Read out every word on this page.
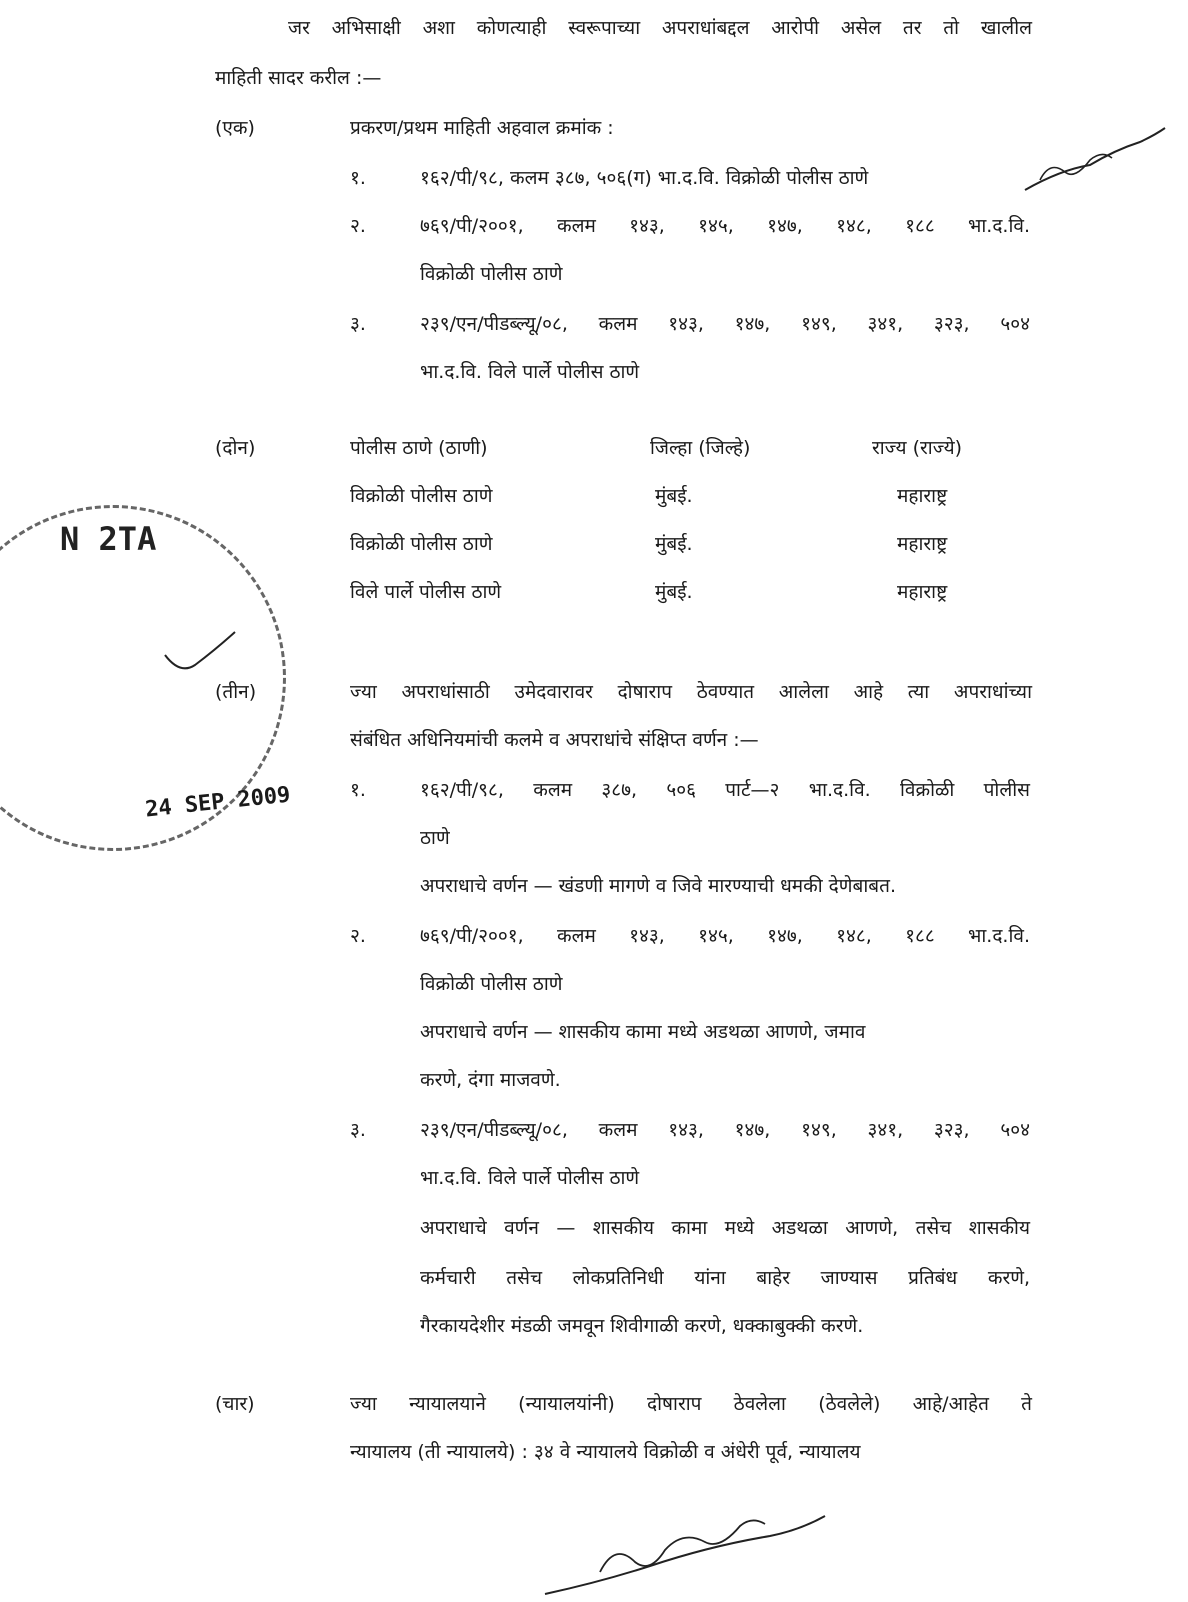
जर अभिसाक्षी अशा कोणत्याही स्वरूपाच्या अपराधांबद्दल आरोपी असेल तर तो खालील
माहिती सादर करील :—
(एक)	प्रकरण/प्रथम माहिती अहवाल क्रमांक :
१.	१६२/पी/९८, कलम ३८७, ५०६(ग) भा.द.वि. विक्रोळी पोलीस ठाणे
२.	७६९/पी/२००१, कलम १४३, १४५, १४७, १४८, १८८ भा.द.वि.
विक्रोळी पोलीस ठाणे
३.	२३९/एन/पीडब्ल्यू/०८, कलम १४३, १४७, १४९, ३४१, ३२३, ५०४
भा.द.वि. विले पार्ले पोलीस ठाणे
(दोन)	पोलीस ठाणे (ठाणी)	जिल्हा (जिल्हे)	राज्य (राज्ये)
विक्रोळी पोलीस ठाणे	मुंबई.	महाराष्ट्र
विक्रोळी पोलीस ठाणे	मुंबई.	महाराष्ट्र
विले पार्ले पोलीस ठाणे	मुंबई.	महाराष्ट्र
N 2TA
(तीन)	ज्या अपराधांसाठी उमेदवारावर दोषाराप ठेवण्यात आलेला आहे त्या अपराधांच्या
संबंधित अधिनियमांची कलमे व अपराधांचे संक्षिप्त वर्णन :—
24 SEP 2009	१.	१६२/पी/९८, कलम ३८७, ५०६ पार्ट—२ भा.द.वि. विक्रोळी पोलीस
ठाणे
अपराधाचे वर्णन — खंडणी मागणे व जिवे मारण्याची धमकी देणेबाबत.
२.	७६९/पी/२००१, कलम १४३, १४५, १४७, १४८, १८८ भा.द.वि.
विक्रोळी पोलीस ठाणे
अपराधाचे वर्णन — शासकीय कामा मध्ये अडथळा आणणे, जमाव
करणे, दंगा माजवणे.
३.	२३९/एन/पीडब्ल्यू/०८, कलम १४३, १४७, १४९, ३४१, ३२३, ५०४
भा.द.वि. विले पार्ले पोलीस ठाणे
अपराधाचे वर्णन — शासकीय कामा मध्ये अडथळा आणणे, तसेच शासकीय
कर्मचारी तसेच लोकप्रतिनिधी यांना बाहेर जाण्यास प्रतिबंध करणे,
गैरकायदेशीर मंडळी जमवून शिवीगाळी करणे, धक्काबुक्की करणे.
(चार)	ज्या न्यायालयाने (न्यायालयांनी) दोषाराप ठेवलेला (ठेवलेले) आहे/आहेत ते
न्यायालय (ती न्यायालये) : ३४ वे न्यायालये विक्रोळी व अंधेरी पूर्व, न्यायालय
